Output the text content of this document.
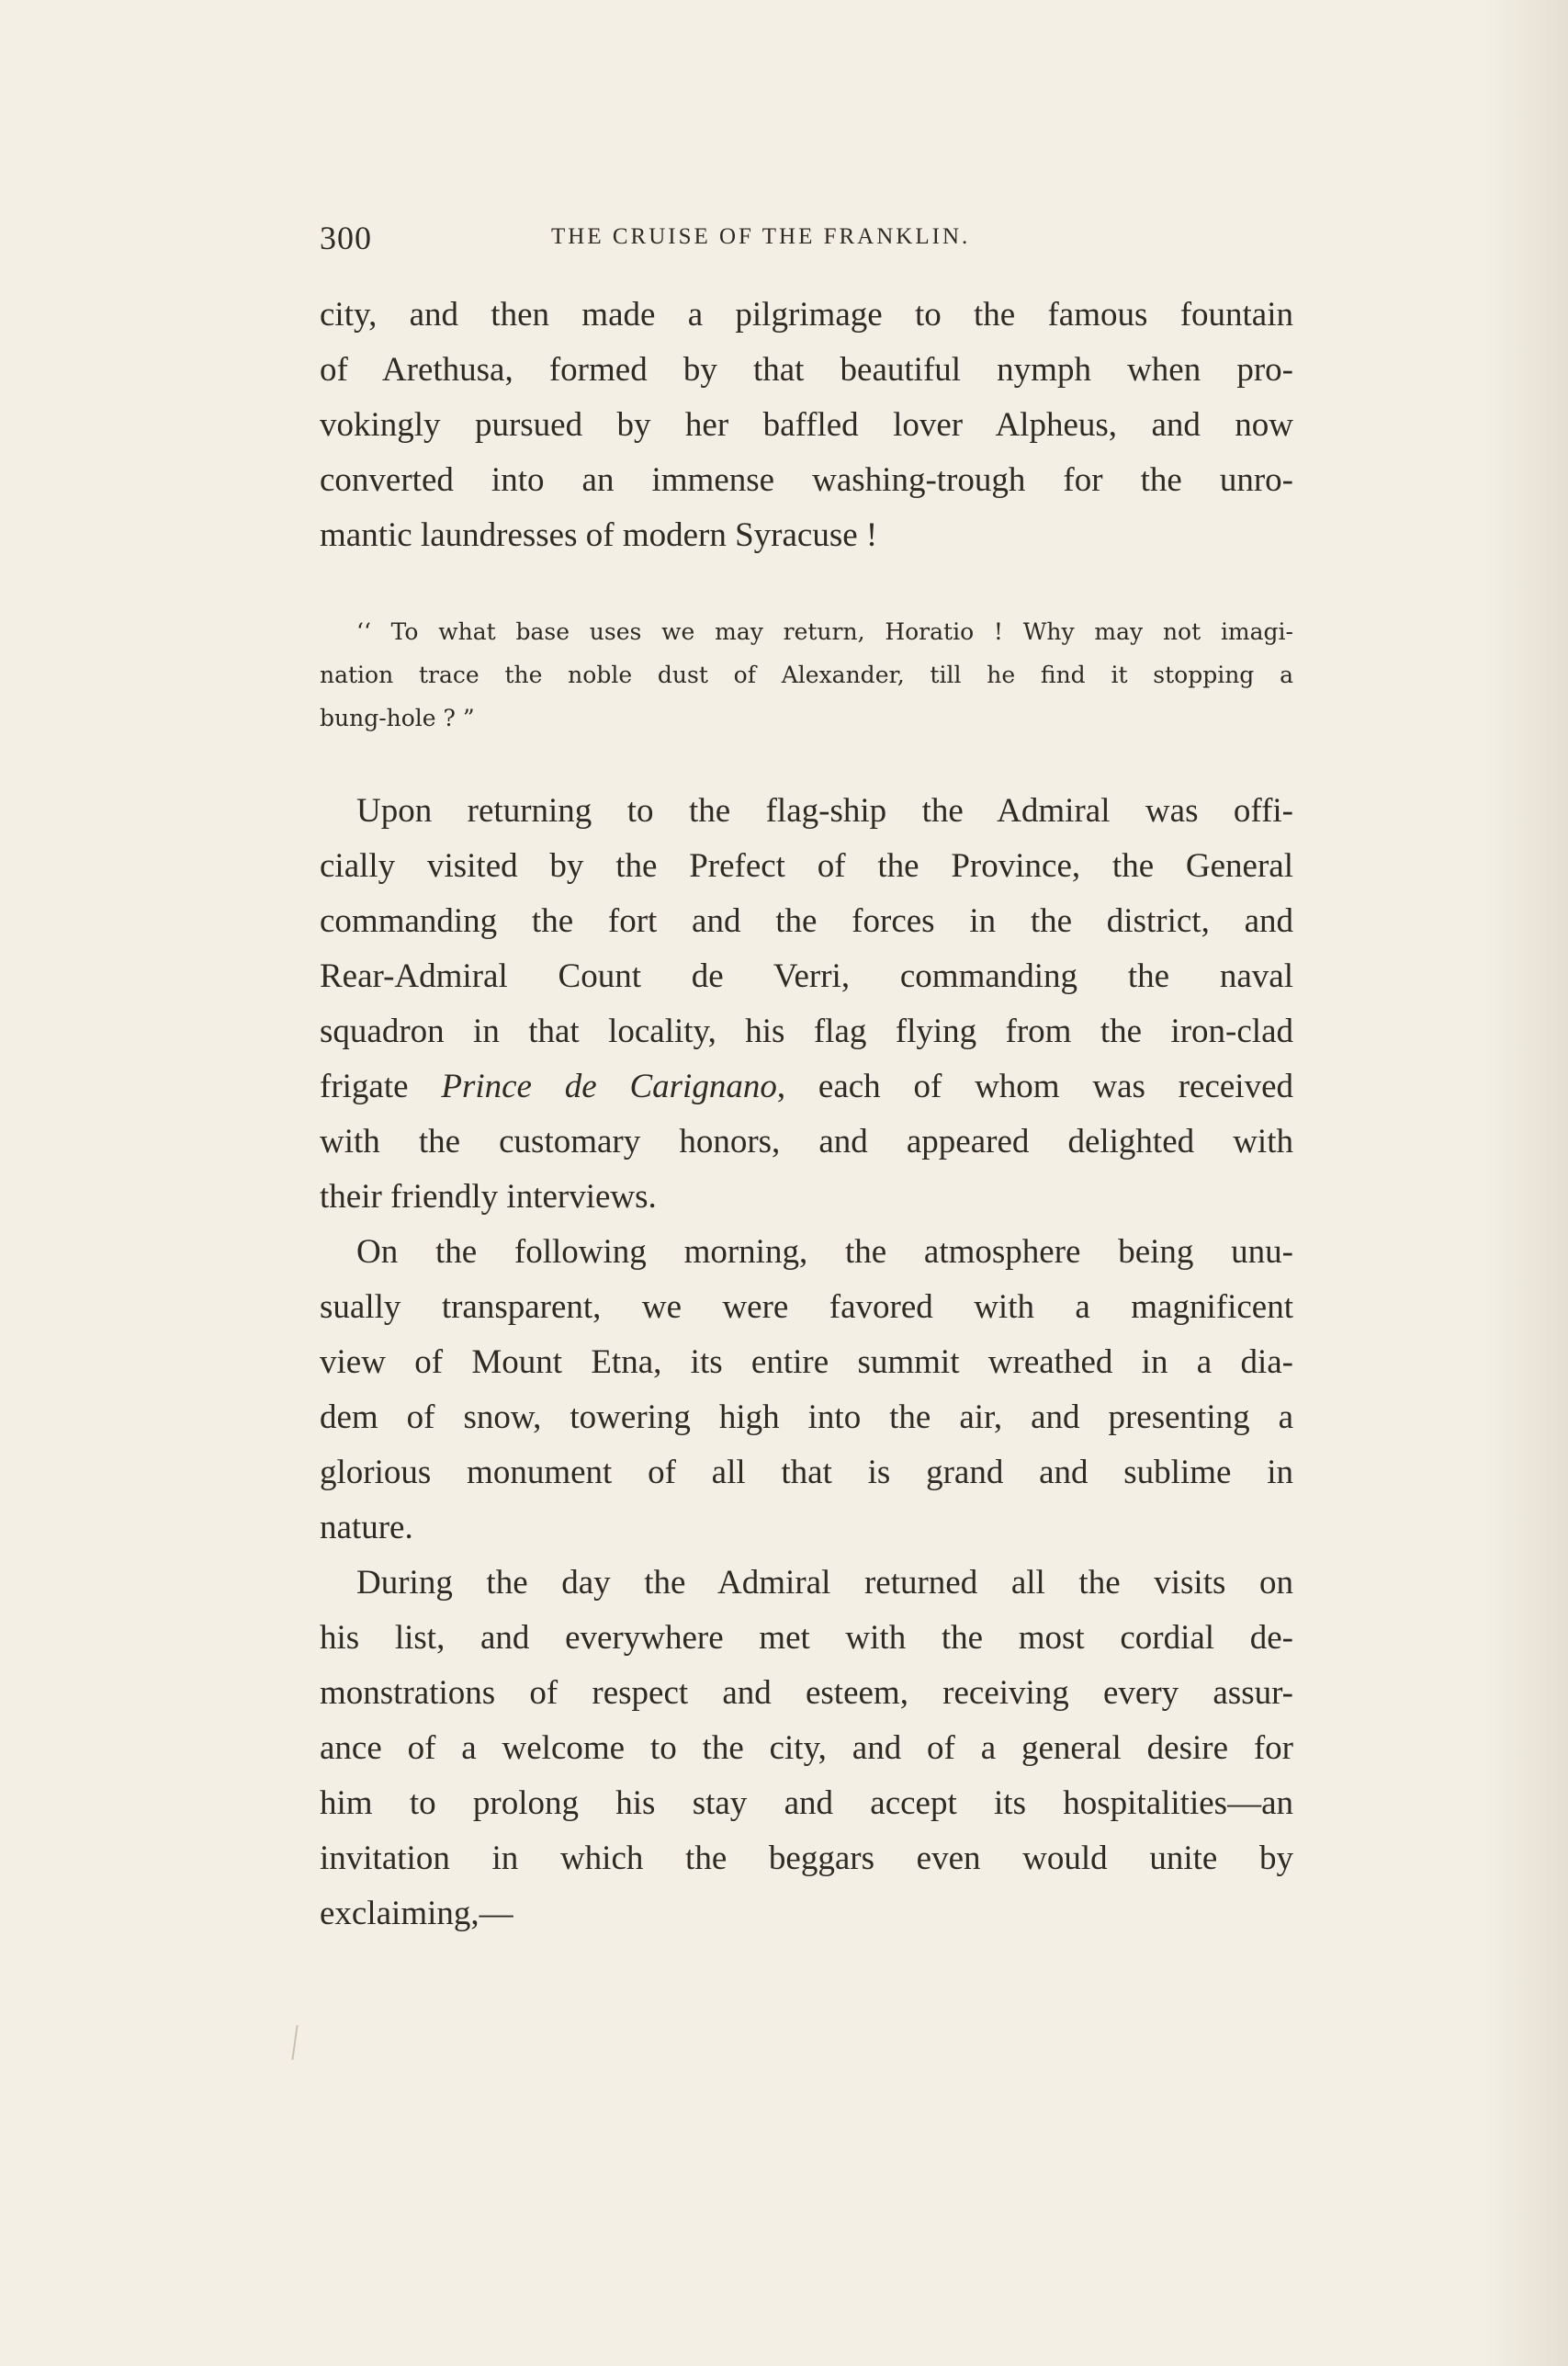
300	THE CRUISE OF THE FRANKLIN.
city, and then made a pilgrimage to the famous fountain
of Arethusa, formed by that beautiful nymph when pro-
vokingly pursued by her baffled lover Alpheus, and now
converted into an immense washing-trough for the unro-
mantic laundresses of modern Syracuse !
‘‘ To what base uses we may return, Horatio ! Why may not imagi-
nation trace the noble dust of Alexander, till he find it stopping a
bung-hole ? ”
Upon returning to the flag-ship the Admiral was offi-
cially visited by the Prefect of the Province, the General
commanding the fort and the forces in the district, and
Rear-Admiral Count de Verri, commanding the naval
squadron in that locality, his flag flying from the iron-clad
frigate Prince de Carignano, each of whom was received
with the customary honors, and appeared delighted with
their friendly interviews.
On the following morning, the atmosphere being unu-
sually transparent, we were favored with a magnificent
view of Mount Etna, its entire summit wreathed in a dia-
dem of snow, towering high into the air, and presenting a
glorious monument of all that is grand and sublime in
nature.
During the day the Admiral returned all the visits on
his list, and everywhere met with the most cordial de-
monstrations of respect and esteem, receiving every assur-
ance of a welcome to the city, and of a general desire for
him to prolong his stay and accept its hospitalities—an
invitation in which the beggars even would unite by
exclaiming,—
